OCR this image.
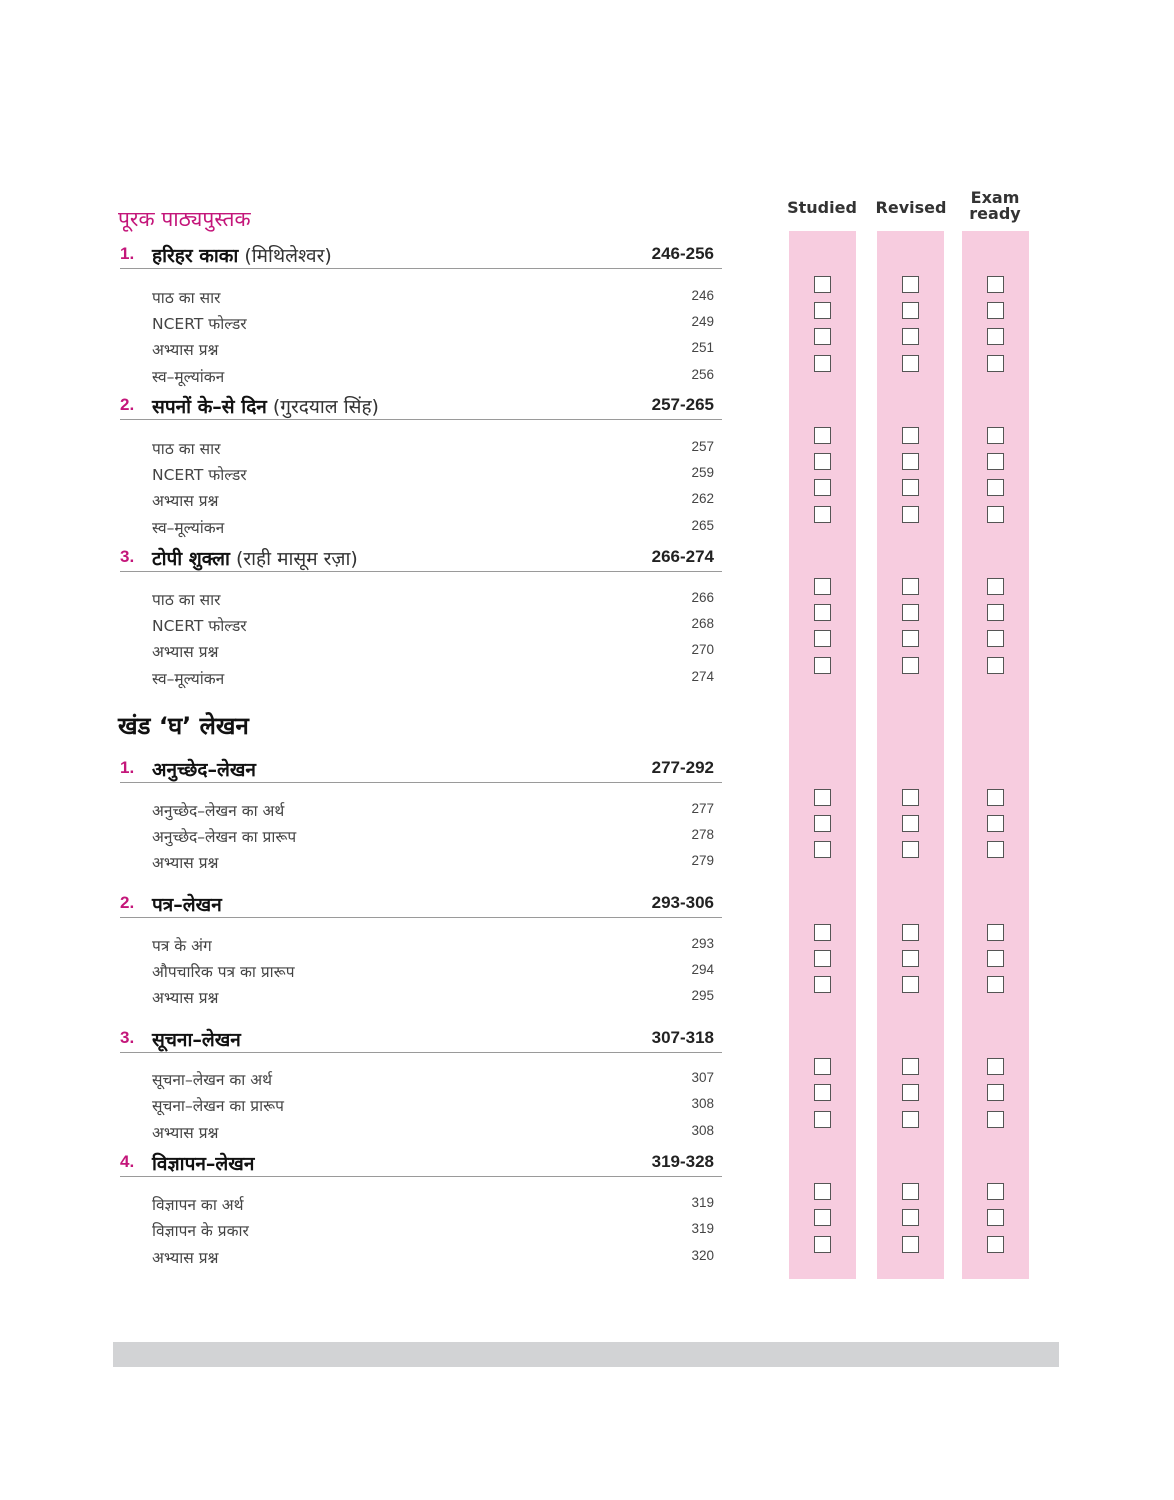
Studied	Revised
Exam
ready
पूरक पाठ्यपुस्तक
1. हरिहर काका (मिथिलेश्वर)	246-256
पाठ का सार	246
NCERT फोल्डर	249
अभ्यास प्रश्न	251
स्व–मूल्यांकन	256
2. सपनों के–से दिन (गुरदयाल सिंह)	257-265
पाठ का सार	257
NCERT फोल्डर	259
अभ्यास प्रश्न	262
स्व–मूल्यांकन	265
3. टोपी शुक्ला (राही मासूम रज़ा)	266-274
पाठ का सार	266
NCERT फोल्डर	268
अभ्यास प्रश्न	270
स्व–मूल्यांकन	274
खंड ‘घ’ लेखन
1. अनुच्छेद–लेखन	277-292
अनुच्छेद–लेखन का अर्थ	277
अनुच्छेद–लेखन का प्रारूप	278
अभ्यास प्रश्न	279
2. पत्र–लेखन	293-306
पत्र के अंग	293
औपचारिक पत्र का प्रारूप	294
अभ्यास प्रश्न	295
3. सूचना–लेखन	307-318
सूचना–लेखन का अर्थ	307
सूचना–लेखन का प्रारूप	308
अभ्यास प्रश्न	308
4. विज्ञापन–लेखन	319-328
विज्ञापन का अर्थ	319
विज्ञापन के प्रकार	319
अभ्यास प्रश्न	320
